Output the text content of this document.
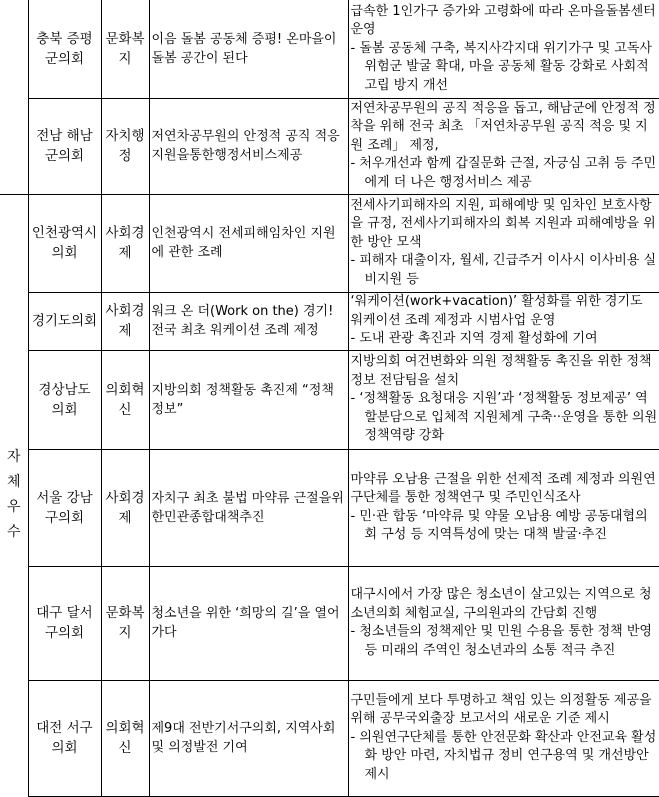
	충북 증평군의회	문화복지	이음 돌봄 공동체 증평! 온마을이 돌봄 공간이 된다	급속한 1인가구 증가와 고령화에 따라 온마을돌봄센터 운영
- 돌봄 공동체 구축, 복지사각지대 위기가구 및 고독사 위험군 발굴 확대, 마을 공동체 활동 강화로 사회적 고립 방지 개선

	전남 해남군의회	자치행정	저연차공무원의 안정적 공직 적응지원을통한행정서비스제공	저연차공무원의 공직 적응을 돕고, 해남군에 안정적 정착을 위해 전국 최초 「저연차공무원 공직 적응 및 지원 조례」 제정,
- 처우개선과 함께 갑질문화 근절, 자긍심 고취 등 주민에게 더 나은 행정서비스 제공

자체우수	인천광역시 의회	사회경제	인천광역시 전세피해임차인 지원에 관한 조례	전세사기피해자의 지원, 피해예방 및 임차인 보호사항을 규정, 전세사기피해자의 회복 지원과 피해예방을 위한 방안 모색
- 피해자 대출이자, 월세, 긴급주거 이사시 이사비용 실비지원 등

	경기도의회	사회경제	워크 온 더(Work on the) 경기! 전국 최초 워케이션 조례 제정	‘워케이션(work+vacation)’ 활성화를 위한 경기도 워케이션 조례 제정과 시범사업 운영
- 도내 관광 촉진과 지역 경제 활성화에 기여

	경상남도 의회	의회혁신	지방의회 정책활동 촉진제 “정책정보”	지방의회 여건변화와 의원 정책활동 촉진을 위한 정책정보 전담팀을 설치
- ‘정책활동 요청대응 지원’과 ‘정책활동 정보제공’ 역할분담으로 입체적 지원체계 구축··운영을 통한 의원 정책역량 강화

	서울 강남구의회	사회경제	자치구 최초 불법 마약류 근절을위한민관종합대책추진	마약류 오남용 근절을 위한 선제적 조례 제정과 의원연구단체를 통한 정책연구 및 주민인식조사
- 민·관 합동 ‘마약류 및 약물 오남용 예방 공동대협의회 구성 등 지역특성에 맞는 대책 발굴·추진

	대구 달서구의회	문화복지	청소년을 위한 ‘희망의 길’을 열어가다	대구시에서 가장 많은 청소년이 살고있는 지역으로 청소년의회 체험교실, 구의원과의 간담회 진행
- 청소년들의 정책제안 및 민원 수용을 통한 정책 반영 등 미래의 주역인 청소년과의 소통 적극 추진

	대전 서구의회	의회혁신	제9대 전반기서구의회, 지역사회 및 의정발전 기여	구민들에게 보다 투명하고 책임 있는 의정활동 제공을 위해 공무국외출장 보고서의 새로운 기준 제시
- 의원연구단체를 통한 안전문화 확산과 안전교육 활성화 방안 마련, 자치법규 정비 연구용역 및 개선방안 제시
